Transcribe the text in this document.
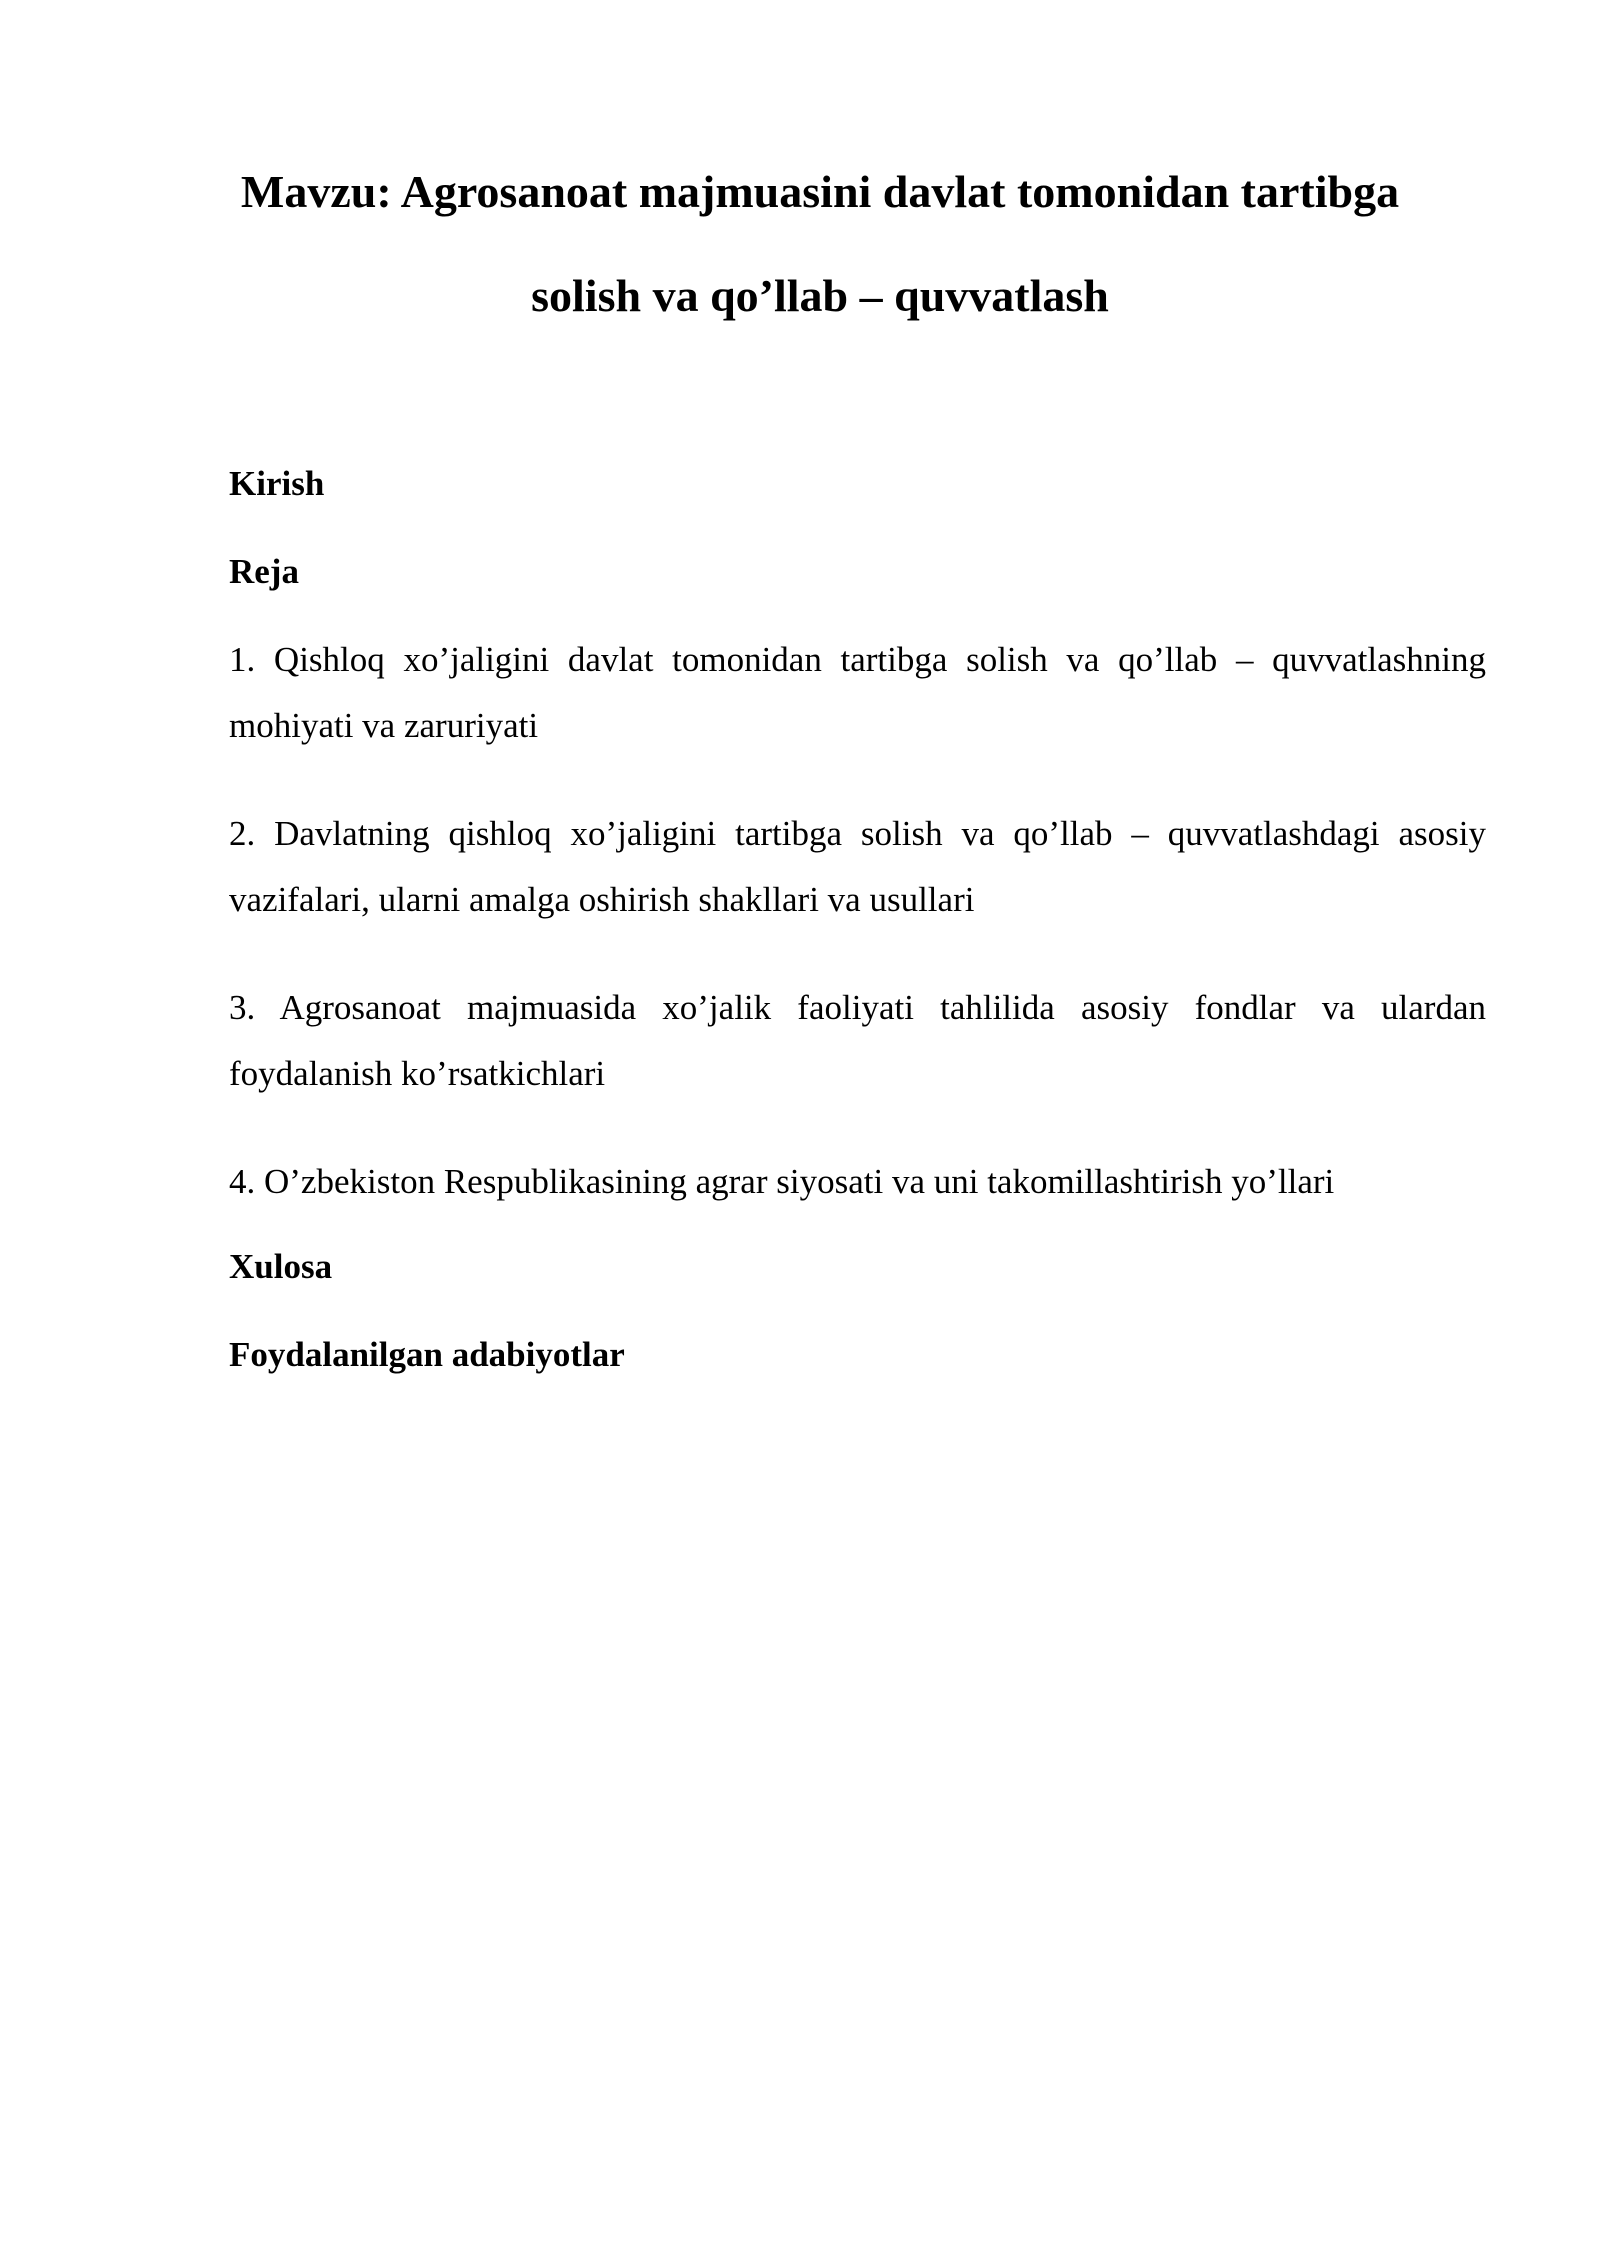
Mavzu: Agrosanoat majmuasini davlat tomonidan tartibga solish va qo’llab – quvvatlash

Kirish

Reja

1. Qishloq xo’jaligini davlat tomonidan tartibga solish va qo’llab – quvvatlashning mohiyati va zaruriyati
2. Davlatning qishloq xo’jaligini tartibga solish va qo’llab – quvvatlashdagi asosiy vazifalari, ularni amalga oshirish shakllari va usullari
3. Agrosanoat majmuasida xo’jalik faoliyati tahlilida asosiy fondlar va ulardan foydalanish ko’rsatkichlari
4. O’zbekiston Respublikasining agrar siyosati va uni takomillashtirish yo’llari

Xulosa

Foydalanilgan adabiyotlar
